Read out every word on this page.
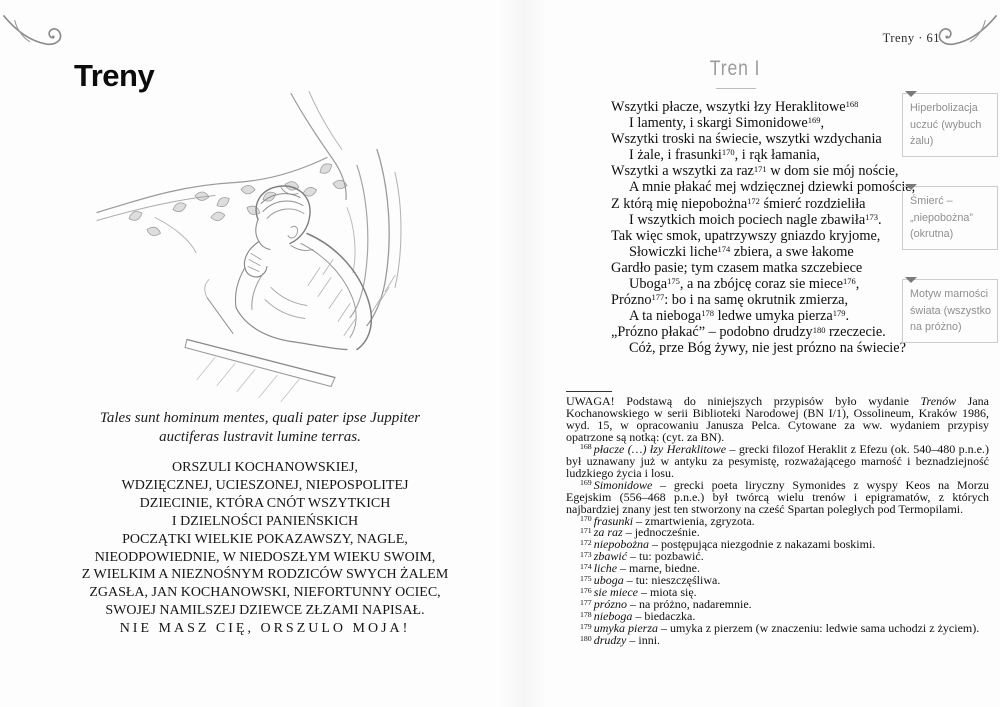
Treny
Tales sunt hominum mentes, quali pater ipse Juppiter
auctiferas lustravit lumine terras.
ORSZULI KOCHANOWSKIEJ,
WDZIĘCZNEJ, UCIESZONEJ, NIEPOSPOLITEJ
DZIECINIE, KTÓRA CNÓT WSZYTKICH
I DZIELNOŚCI PANIEŃSKICH
POCZĄTKI WIELKIE POKAZAWSZY, NAGLE,
NIEODPOWIEDNIE, W NIEDOSZŁYM WIEKU SWOIM,
Z WIELKIM A NIEZNOŚNYM RODZICÓW SWYCH ŻALEM
ZGASŁA, JAN KOCHANOWSKI, NIEFORTUNNY OCIEC,
SWOJEJ NAMILSZEJ DZIEWCE ZŁZAMI NAPISAŁ.
NIE MASZ CIĘ, ORSZULO MOJA!
Treny · 61
Tren I
Wszytki płacze, wszytki łzy Heraklitowe$^{168}$
I lamenty, i skargi Simonidowe$^{169}$,
Wszytki troski na świecie, wszytki wzdychania
I żale, i frasunki$^{170}$, i rąk łamania,
Wszytki a wszytki za raz$^{171}$ w dom sie mój noście,
A mnie płakać mej wdzięcznej dziewki pomoście,
Z którą mię niepobożna$^{172}$ śmierć rozdzieliła
I wszytkich moich pociech nagle zbawiła$^{173}$.
Tak więc smok, upatrzywszy gniazdo kryjome,
Słowiczki liche$^{174}$ zbiera, a swe łakome
Gardło pasie; tym czasem matka szczebiece
Uboga$^{175}$, a na zbójcę coraz sie miece$^{176}$,
Prózno$^{177}$: bo i na samę okrutnik zmierza,
A ta nieboga$^{178}$ ledwe umyka pierza$^{179}$.
„Prózno płakać” – podobno drudzy$^{180}$ rzeczecie.
Cóż, prze Bóg żywy, nie jest prózno na świecie?
Hiperbolizacja uczuć (wybuch żalu)
Śmierć – „niepobożna” (okrutna)
Motyw marności świata (wszystko na próżno)

UWAGA! Podstawą do niniejszych przypisów było wydanie Trenów Jana Kochanowskiego w serii Biblioteki Narodowej (BN I/1), Ossolineum, Kraków 1986, wyd. 15, w opracowaniu Janusza Pelca. Cytowane za ww. wydaniem przypisy opatrzone są notką: (cyt. za BN).

$^{168}$ płacze (…) łzy Heraklitowe – grecki filozof Heraklit z Efezu (ok. 540–480 p.n.e.) był uznawany już w antyku za pesymistę, rozważającego marność i beznadziejność ludzkiego życia i losu.

$^{169}$ Simonidowe – grecki poeta liryczny Symonides z wyspy Keos na Morzu Egejskim (556–468 p.n.e.) był twórcą wielu trenów i epigramatów, z których najbardziej znany jest ten stworzony na cześć Spartan poległych pod Termopilami.

$^{170}$ frasunki – zmartwienia, zgryzota.

$^{171}$ za raz – jednocześnie.

$^{172}$ niepobożna – postępująca niezgodnie z nakazami boskimi.

$^{173}$ zbawić – tu: pozbawić.

$^{174}$ liche – marne, biedne.

$^{175}$ uboga – tu: nieszczęśliwa.

$^{176}$ sie miece – miota się.

$^{177}$ prózno – na próżno, nadaremnie.

$^{178}$ nieboga – biedaczka.

$^{179}$ umyka pierza – umyka z pierzem (w znaczeniu: ledwie sama uchodzi z życiem).

$^{180}$ drudzy – inni.
